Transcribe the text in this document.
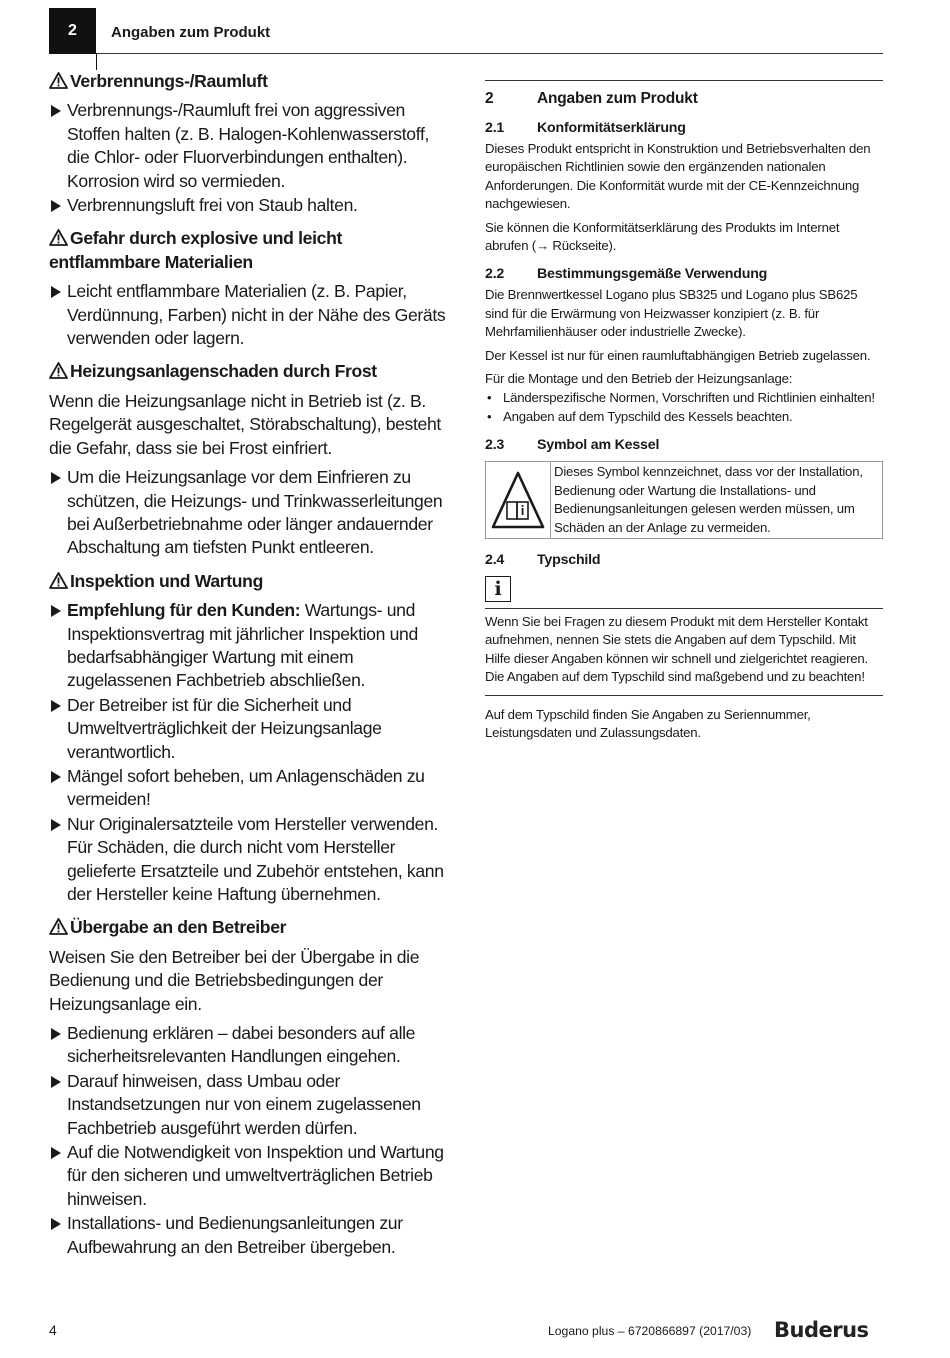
2	Angaben zum Produkt
Verbrennungs-/Raumluft
Verbrennungs-/Raumluft frei von aggressiven Stoffen halten (z. B. Halogen-Kohlenwasserstoff, die Chlor- oder Fluorverbindungen enthalten). Korrosion wird so vermieden.
Verbrennungsluft frei von Staub halten.
Gefahr durch explosive und leicht entflammbare Materialien
Leicht entflammbare Materialien (z. B. Papier, Verdünnung, Farben) nicht in der Nähe des Geräts verwenden oder lagern.
Heizungsanlagenschaden durch Frost

Wenn die Heizungsanlage nicht in Betrieb ist (z. B. Regelgerät ausgeschaltet, Störabschaltung), besteht die Gefahr, dass sie bei Frost einfriert.

Um die Heizungsanlage vor dem Einfrieren zu schützen, die Heizungs- und Trinkwasserleitungen bei Außerbetriebnahme oder länger andauernder Abschaltung am tiefsten Punkt entleeren.
Inspektion und Wartung
Empfehlung für den Kunden: Wartungs- und Inspektionsvertrag mit jährlicher Inspektion und bedarfsabhängiger Wartung mit einem zugelassenen Fachbetrieb abschließen.
Der Betreiber ist für die Sicherheit und Umweltverträglichkeit der Heizungsanlage verantwortlich.
Mängel sofort beheben, um Anlagenschäden zu vermeiden!
Nur Originalersatzteile vom Hersteller verwenden. Für Schäden, die durch nicht vom Hersteller gelieferte Ersatzteile und Zubehör entstehen, kann der Hersteller keine Haftung übernehmen.
Übergabe an den Betreiber

Weisen Sie den Betreiber bei der Übergabe in die Bedienung und die Betriebsbedingungen der Heizungsanlage ein.

Bedienung erklären – dabei besonders auf alle sicherheitsrelevanten Handlungen eingehen.
Darauf hinweisen, dass Umbau oder Instandsetzungen nur von einem zugelassenen Fachbetrieb ausgeführt werden dürfen.
Auf die Notwendigkeit von Inspektion und Wartung für den sicheren und umweltverträglichen Betrieb hinweisen.
Installations- und Bedienungsanleitungen zur Aufbewahrung an den Betreiber übergeben.
2	Angaben zum Produkt
2.1	Konformitätserklärung

Dieses Produkt entspricht in Konstruktion und Betriebsverhalten den europäischen Richtlinien sowie den ergänzenden nationalen Anforderungen. Die Konformität wurde mit der CE-Kennzeichnung nachgewiesen.

Sie können die Konformitätserklärung des Produkts im Internet abrufen (→ Rückseite).

2.2	Bestimmungsgemäße Verwendung

Die Brennwertkessel Logano plus SB325 und Logano plus SB625 sind für die Erwärmung von Heizwasser konzipiert (z. B. für Mehrfamilienhäuser oder industrielle Zwecke).

Der Kessel ist nur für einen raumluftabhängigen Betrieb zugelassen.

Für die Montage und den Betrieb der Heizungsanlage:

• Länderspezifische Normen, Vorschriften und Richtlinien einhalten!
• Angaben auf dem Typschild des Kessels beachten.
2.3	Symbol am Kessel
Dieses Symbol kennzeichnet, dass vor der Installation, Bedienung oder Wartung die Installations- und Bedienungsanleitungen gelesen werden müssen, um Schäden an der Anlage zu vermeiden.
2.4	Typschild
i

Wenn Sie bei Fragen zu diesem Produkt mit dem Hersteller Kontakt aufnehmen, nennen Sie stets die Angaben auf dem Typschild. Mit Hilfe dieser Angaben können wir schnell und zielgerichtet reagieren.

Die Angaben auf dem Typschild sind maßgebend und zu beachten!

Auf dem Typschild finden Sie Angaben zu Seriennummer, Leistungsdaten und Zulassungsdaten.

4	Logano plus – 6720866897 (2017/03) Buderus
